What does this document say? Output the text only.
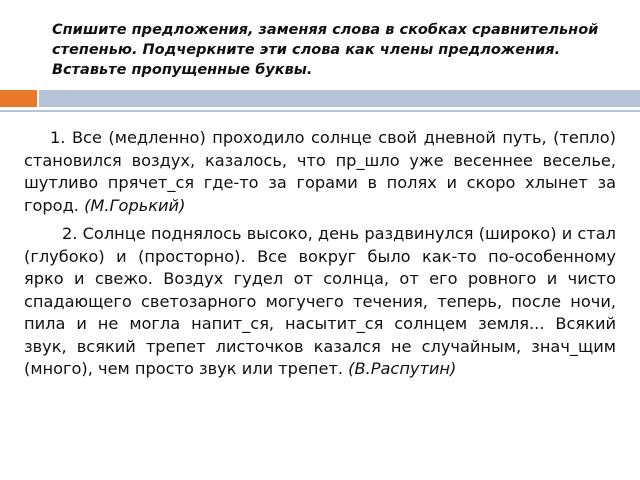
Спишите предложения, заменяя слова в скобках сравнительной степенью. Подчеркните эти слова как члены предложения. Вставьте пропущенные буквы.

1. Все (медленно) проходило солнце свой дневной путь, (тепло) становился воздух, казалось, что пр_шло уже весеннее веселье, шутливо прячет_ся где-то за горами в полях и скоро хлынет за город. (М.Горький)

2. Солнце поднялось высоко, день раздвинулся (широко) и стал (глубоко) и (просторно). Все вокруг было как-то по-особенному ярко и свежо. Воздух гудел от солнца, от его ровного и чисто спадающего светозарного могучего течения, теперь, после ночи, пила и не могла напит_ся, насытит_ся солнцем земля... Всякий звук, всякий трепет листочков казался не случайным, знач_щим (много), чем просто звук или трепет. (В.Распутин)
